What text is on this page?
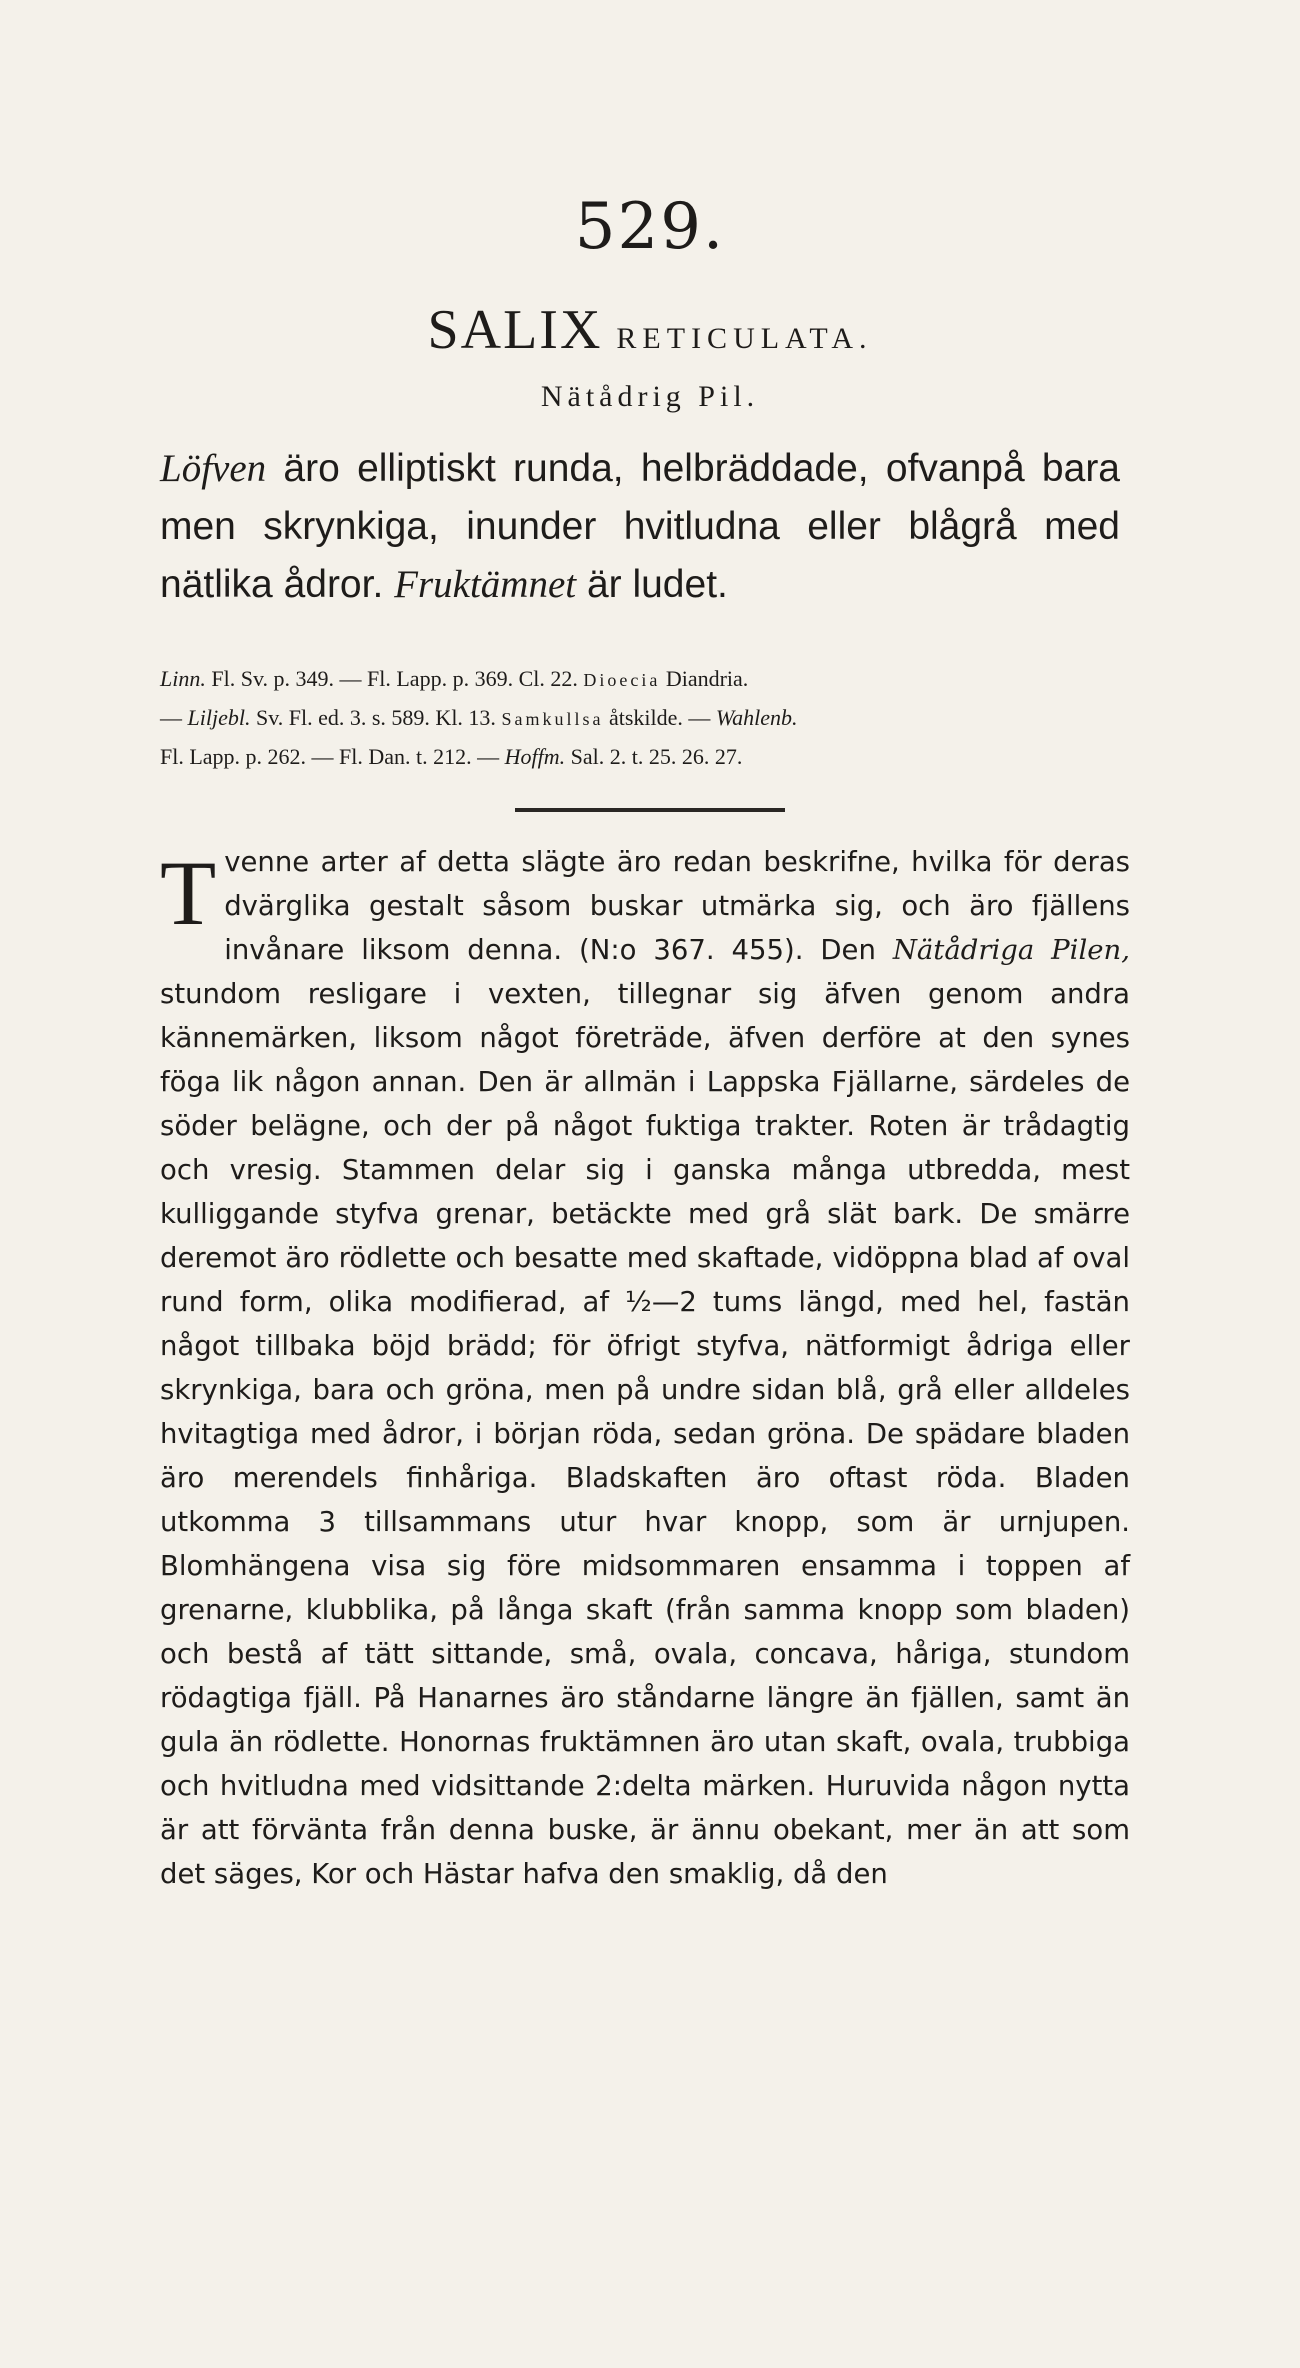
529.
SALIX RETICULATA.
Nätådrig Pil.
Löfven äro elliptiskt runda, helbräddade, ofvanpå bara men skrynkiga, inunder hvitludna eller blågrå med nätlika ådror. Fruktämnet är ludet.
Linn. Fl. Sv. p. 349. — Fl. Lapp. p. 369. Cl. 22. Dioecia Diandria.
— Liljebl. Sv. Fl. ed. 3. s. 589. Kl. 13. Samkullsa åtskilde. — Wahlenb.
Fl. Lapp. p. 262. — Fl. Dan. t. 212. — Hoffm. Sal. 2. t. 25. 26. 27.
Tvenne arter af detta slägte äro redan beskrifne, hvilka för deras dvärglika gestalt såsom buskar utmärka sig, och äro fjällens invånare liksom denna. (N:o 367. 455). Den Nätådriga Pilen, stundom resligare i vexten, tillegnar sig äfven genom andra kännemärken, liksom något företräde, äfven derföre at den synes föga lik någon annan. Den är allmän i Lappska Fjällarne, särdeles de söder belägne, och der på något fuktiga trakter. Roten är trådagtig och vresig. Stammen delar sig i ganska många utbredda, mest kulliggande styfva grenar, betäckte med grå slät bark. De smärre deremot äro rödlette och besatte med skaftade, vidöppna blad af oval rund form, olika modifierad, af ½—2 tums längd, med hel, fastän något tillbaka böjd brädd; för öfrigt styfva, nätformigt ådriga eller skrynkiga, bara och gröna, men på undre sidan blå, grå eller alldeles hvitagtiga med ådror, i början röda, sedan gröna. De spädare bladen äro merendels finhåriga. Bladskaften äro oftast röda. Bladen utkomma 3 tillsammans utur hvar knopp, som är urnjupen. Blomhängena visa sig före midsommaren ensamma i toppen af grenarne, klubblika, på långa skaft (från samma knopp som bladen) och bestå af tätt sittande, små, ovala, concava, håriga, stundom rödagtiga fjäll. På Hanarnes äro ståndarne längre än fjällen, samt än gula än rödlette. Honornas fruktämnen äro utan skaft, ovala, trubbiga och hvitludna med vidsittande 2:delta märken. Huruvida någon nytta är att förvänta från denna buske, är ännu obekant, mer än att som det säges, Kor och Hästar hafva den smaklig, då den
